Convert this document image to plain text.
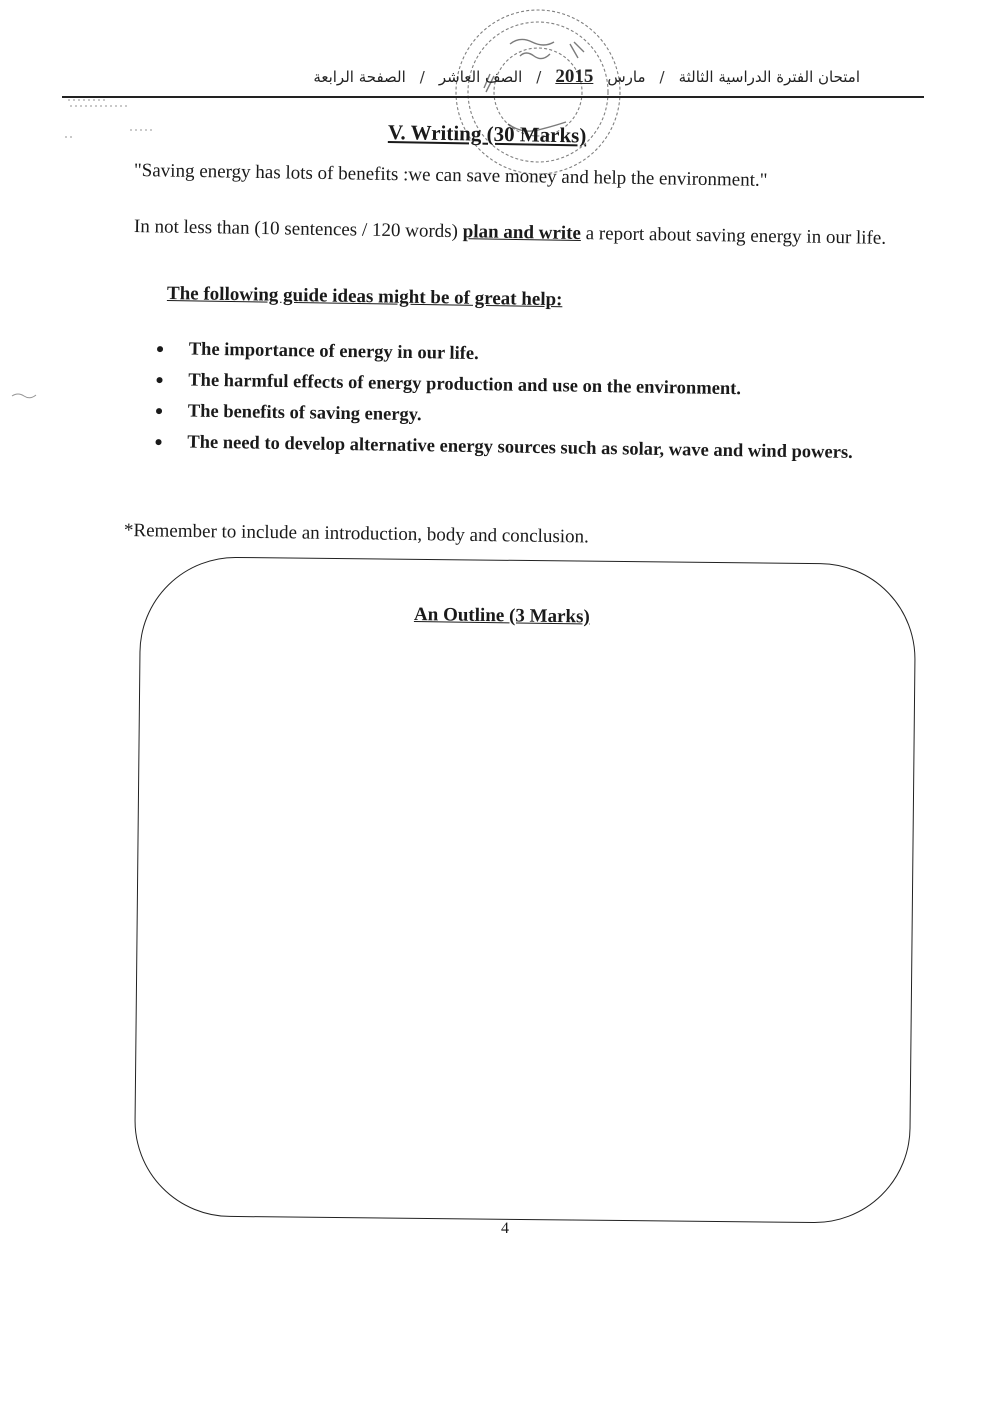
امتحان الفترة الدراسية الثالثة
/
مارس
2015
/
الصف العاشر
/
الصفحة الرابعة
V. Writing (30 Marks)
"Saving energy has lots of benefits :we can save money and help the environment."
In not less than (10 sentences / 120 words) plan and write a report about saving energy in our life.
The following guide ideas might be of great help:
● The importance of energy in our life.
● The harmful effects of energy production and use on the environment.
● The benefits of saving energy.
● The need to develop alternative energy sources such as solar, wave and wind powers.
*Remember to include an introduction, body and conclusion.
An Outline (3 Marks)
4
